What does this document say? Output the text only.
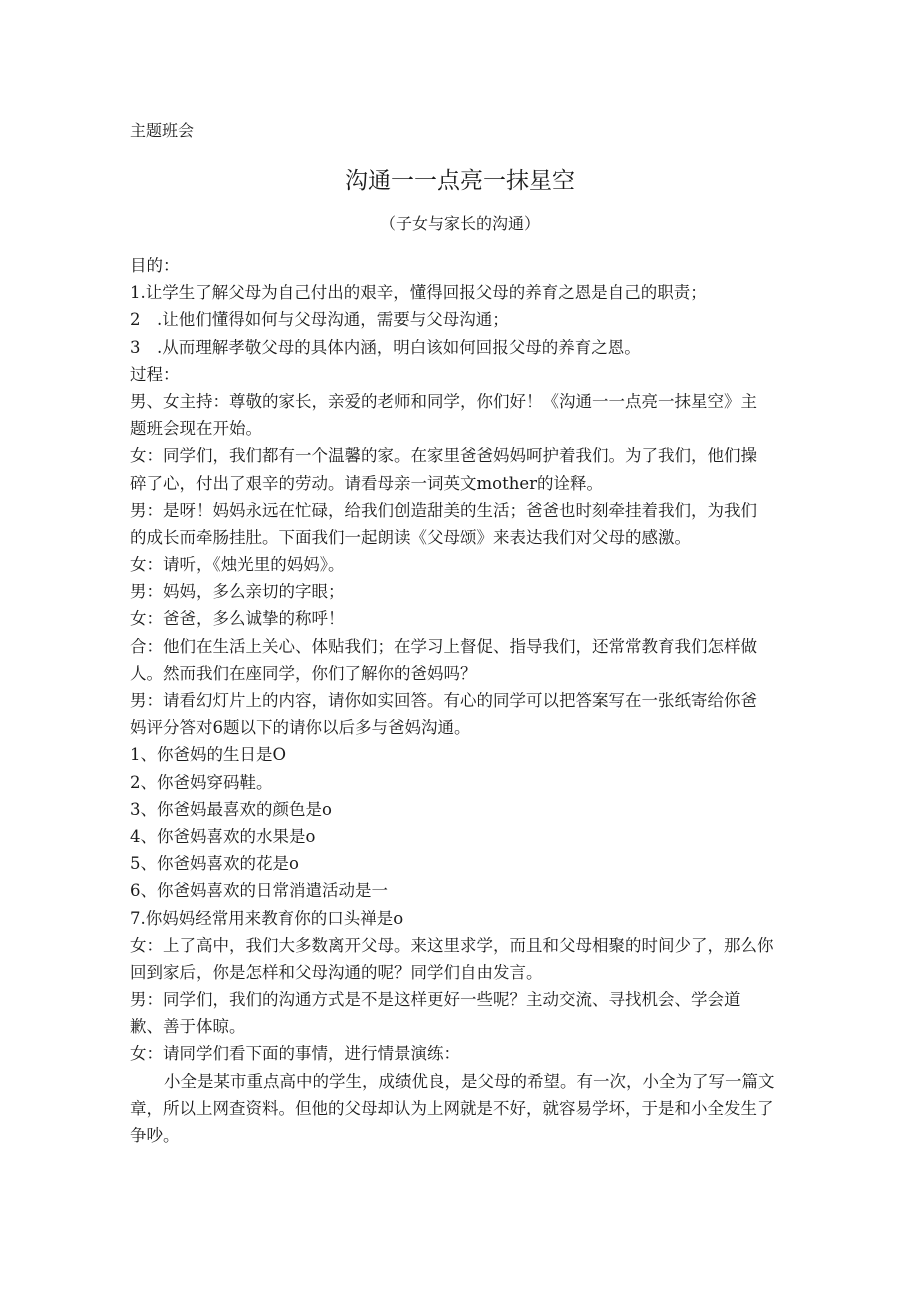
主题班会
沟通一一点亮一抹星空
（子女与家长的沟通）
目的：
1.让学生了解父母为自己付出的艰辛，懂得回报父母的养育之恩是自己的职责；
2　.让他们懂得如何与父母沟通，需要与父母沟通；
3　.从而理解孝敬父母的具体内涵，明白该如何回报父母的养育之恩。
过程：
男、女主持：尊敬的家长，亲爱的老师和同学，你们好！《沟通一一点亮一抹星空》主
题班会现在开始。
女：同学们，我们都有一个温馨的家。在家里爸爸妈妈呵护着我们。为了我们，他们操
碎了心，付出了艰辛的劳动。请看母亲一词英文mother的诠释。
男：是呀！妈妈永远在忙碌，给我们创造甜美的生活；爸爸也时刻牵挂着我们，为我们
的成长而牵肠挂肚。下面我们一起朗读《父母颂》来表达我们对父母的感激。
女：请听，《烛光里的妈妈》。
男：妈妈，多么亲切的字眼；
女：爸爸，多么诚挚的称呼！
合：他们在生活上关心、体贴我们；在学习上督促、指导我们，还常常教育我们怎样做
人。然而我们在座同学，你们了解你的爸妈吗？
男：请看幻灯片上的内容，请你如实回答。有心的同学可以把答案写在一张纸寄给你爸
妈评分答对6题以下的请你以后多与爸妈沟通。
1、你爸妈的生日是O
2、你爸妈穿码鞋。
3、你爸妈最喜欢的颜色是o
4、你爸妈喜欢的水果是o
5、你爸妈喜欢的花是o
6、你爸妈喜欢的日常消遣活动是一
7.你妈妈经常用来教育你的口头禅是o
女：上了高中，我们大多数离开父母。来这里求学，而且和父母相聚的时间少了，那么你
回到家后，你是怎样和父母沟通的呢？同学们自由发言。
男：同学们，我们的沟通方式是不是这样更好一些呢？主动交流、寻找机会、学会道
歉、善于体晾。
女：请同学们看下面的事情，进行情景演练：
小全是某市重点高中的学生，成绩优良，是父母的希望。有一次，小全为了写一篇文
章，所以上网查资料。但他的父母却认为上网就是不好，就容易学坏，于是和小全发生了
争吵。
